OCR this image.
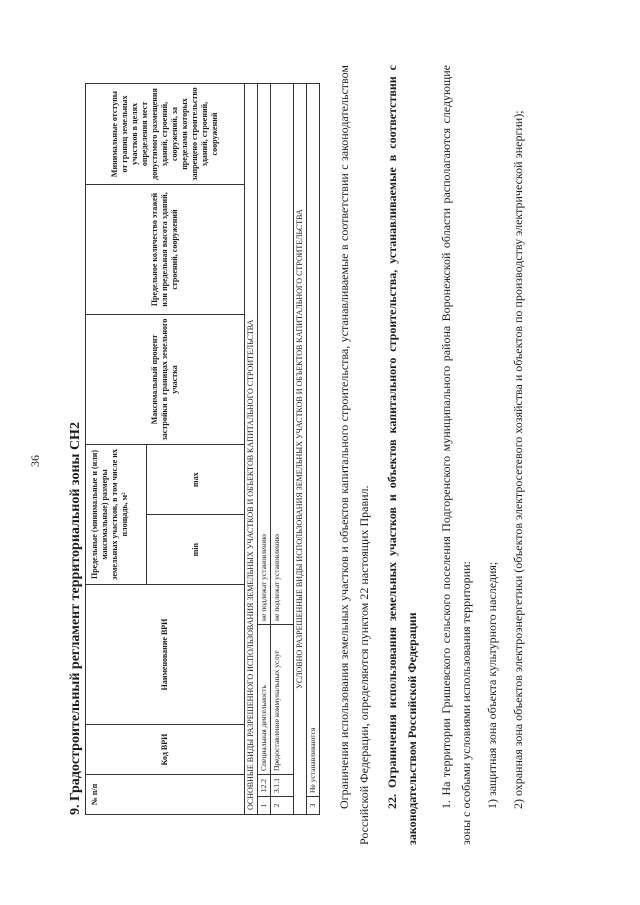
36 9. Градостроительный регламент территориальной зоны СН2 № п/п
Код ВРИ
Наименование ВРИ
Предельные (минимальные и (или) максимальные) размеры земельных участков, в том числе их площадь, м²
min
max
Максимальный процент застройки в границах земельного участка
Предельное количество этажей или предельная высота зданий, строений, сооружений
Минимальные отступы от границ земельных участков в целях определения мест допустимого размещения зданий, строений, сооружений, за пределами которых запрещено строительство зданий, строений, сооружений
ОСНОВНЫЕ ВИДЫ РАЗРЕШЕННОГО ИСПОЛЬЗОВАНИЯ ЗЕМЕЛЬНЫХ УЧАСТКОВ И ОБЪЕКТОВ КАПИТАЛЬНОГО СТРОИТЕЛЬСТВА 1
12.2
Специальная деятельность
не подлежат установлению
2
3.1.1
Предоставление коммунальных услуг
не подлежат установлению	УСЛОВНО РАЗРЕШЕННЫЕ ВИДЫ ИСПОЛЬЗОВАНИЯ ЗЕМЕЛЬНЫХ УЧАСТКОВ И ОБЪЕКТОВ КАПИТАЛЬНОГО СТРОИТЕЛЬСТВА
3
Не устанавливаются Ограничения использования земельных участков и объектов капитального строительства, устанавливаемые в соответствии с законодательством Российской Федерации, определяются пунктом 22 настоящих Правил. 22. Ограничения использования земельных участков и объектов капитального строительства, устанавливаемые в соответствии с законодательством Российской Федерации 1. На территории Гришевского сельского поселения Подгоренского муниципального района Воронежской области располагаются следующие зоны с особыми условиями использования территории: 1) защитная зона объекта культурного наследия; 2) охранная зона объектов электроэнергетики (объектов электросетевого хозяйства и объектов по производству электрической энергии);
